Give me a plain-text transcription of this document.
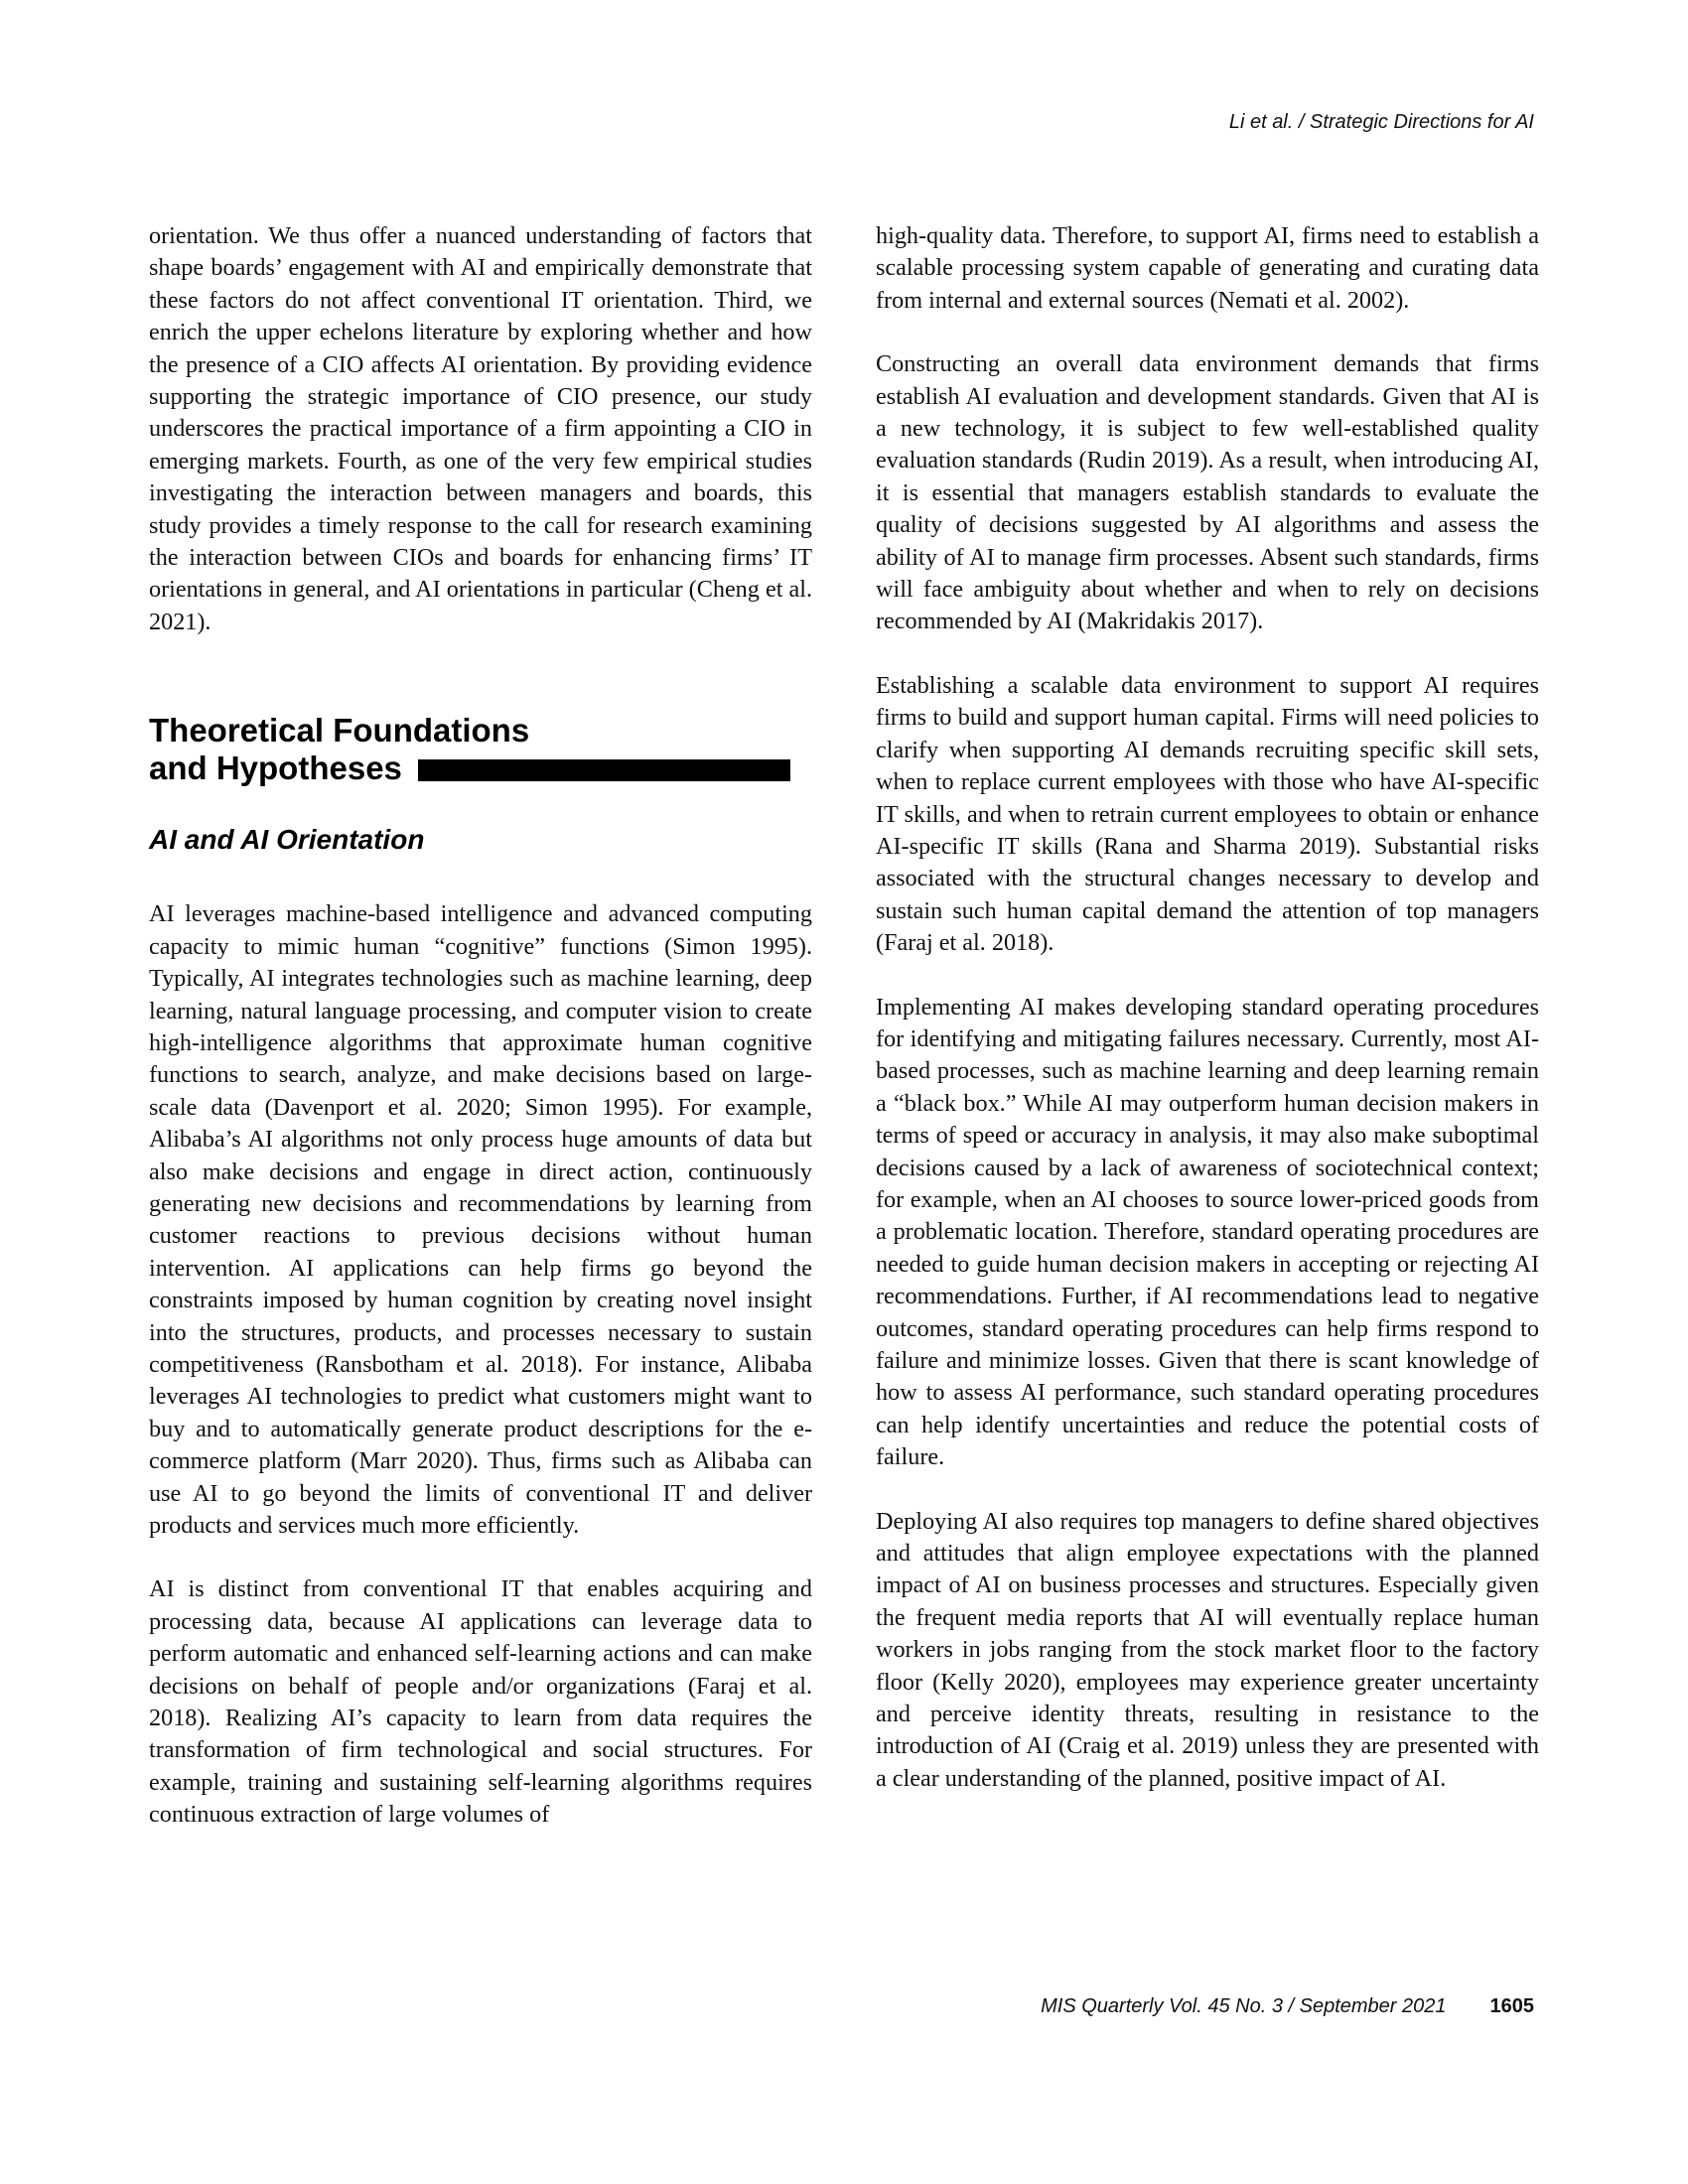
Li et al. / Strategic Directions for AI

orientation. We thus offer a nuanced understanding of factors that shape boards’ engagement with AI and empirically demonstrate that these factors do not affect conventional IT orientation. Third, we enrich the upper echelons literature by exploring whether and how the presence of a CIO affects AI orientation. By providing evidence supporting the strategic importance of CIO presence, our study underscores the practical importance of a firm appointing a CIO in emerging markets. Fourth, as one of the very few empirical studies investigating the interaction between managers and boards, this study provides a timely response to the call for research examining the interaction between CIOs and boards for enhancing firms’ IT orientations in general, and AI orientations in particular (Cheng et al. 2021).

Theoretical Foundations
and Hypotheses
AI and AI Orientation

AI leverages machine-based intelligence and advanced computing capacity to mimic human “cognitive” functions (Simon 1995). Typically, AI integrates technologies such as machine learning, deep learning, natural language processing, and computer vision to create high-intelligence algorithms that approximate human cognitive functions to search, analyze, and make decisions based on large-scale data (Davenport et al. 2020; Simon 1995). For example, Alibaba’s AI algorithms not only process huge amounts of data but also make decisions and engage in direct action, continuously generating new decisions and recommendations by learning from customer reactions to previous decisions without human intervention. AI applications can help firms go beyond the constraints imposed by human cognition by creating novel insight into the structures, products, and processes necessary to sustain competitiveness (Ransbotham et al. 2018). For instance, Alibaba leverages AI technologies to predict what customers might want to buy and to automatically generate product descriptions for the e-commerce platform (Marr 2020). Thus, firms such as Alibaba can use AI to go beyond the limits of conventional IT and deliver products and services much more efficiently.

AI is distinct from conventional IT that enables acquiring and processing data, because AI applications can leverage data to perform automatic and enhanced self-learning actions and can make decisions on behalf of people and/or organizations (Faraj et al. 2018). Realizing AI’s capacity to learn from data requires the transformation of firm technological and social structures. For example, training and sustaining self-learning algorithms requires continuous extraction of large volumes of

high-quality data. Therefore, to support AI, firms need to establish a scalable processing system capable of generating and curating data from internal and external sources (Nemati et al. 2002).

Constructing an overall data environment demands that firms establish AI evaluation and development standards. Given that AI is a new technology, it is subject to few well-established quality evaluation standards (Rudin 2019). As a result, when introducing AI, it is essential that managers establish standards to evaluate the quality of decisions suggested by AI algorithms and assess the ability of AI to manage firm processes. Absent such standards, firms will face ambiguity about whether and when to rely on decisions recommended by AI (Makridakis 2017).

Establishing a scalable data environment to support AI requires firms to build and support human capital. Firms will need policies to clarify when supporting AI demands recruiting specific skill sets, when to replace current employees with those who have AI-specific IT skills, and when to retrain current employees to obtain or enhance AI-specific IT skills (Rana and Sharma 2019). Substantial risks associated with the structural changes necessary to develop and sustain such human capital demand the attention of top managers (Faraj et al. 2018).

Implementing AI makes developing standard operating procedures for identifying and mitigating failures necessary. Currently, most AI-based processes, such as machine learning and deep learning remain a “black box.” While AI may outperform human decision makers in terms of speed or accuracy in analysis, it may also make suboptimal decisions caused by a lack of awareness of sociotechnical context; for example, when an AI chooses to source lower-priced goods from a problematic location. Therefore, standard operating procedures are needed to guide human decision makers in accepting or rejecting AI recommendations. Further, if AI recommendations lead to negative outcomes, standard operating procedures can help firms respond to failure and minimize losses. Given that there is scant knowledge of how to assess AI performance, such standard operating procedures can help identify uncertainties and reduce the potential costs of failure.

Deploying AI also requires top managers to define shared objectives and attitudes that align employee expectations with the planned impact of AI on business processes and structures. Especially given the frequent media reports that AI will eventually replace human workers in jobs ranging from the stock market floor to the factory floor (Kelly 2020), employees may experience greater uncertainty and perceive identity threats, resulting in resistance to the introduction of AI (Craig et al. 2019) unless they are presented with a clear understanding of the planned, positive impact of AI.

MIS Quarterly Vol. 45 No. 3 / September 2021 1605
